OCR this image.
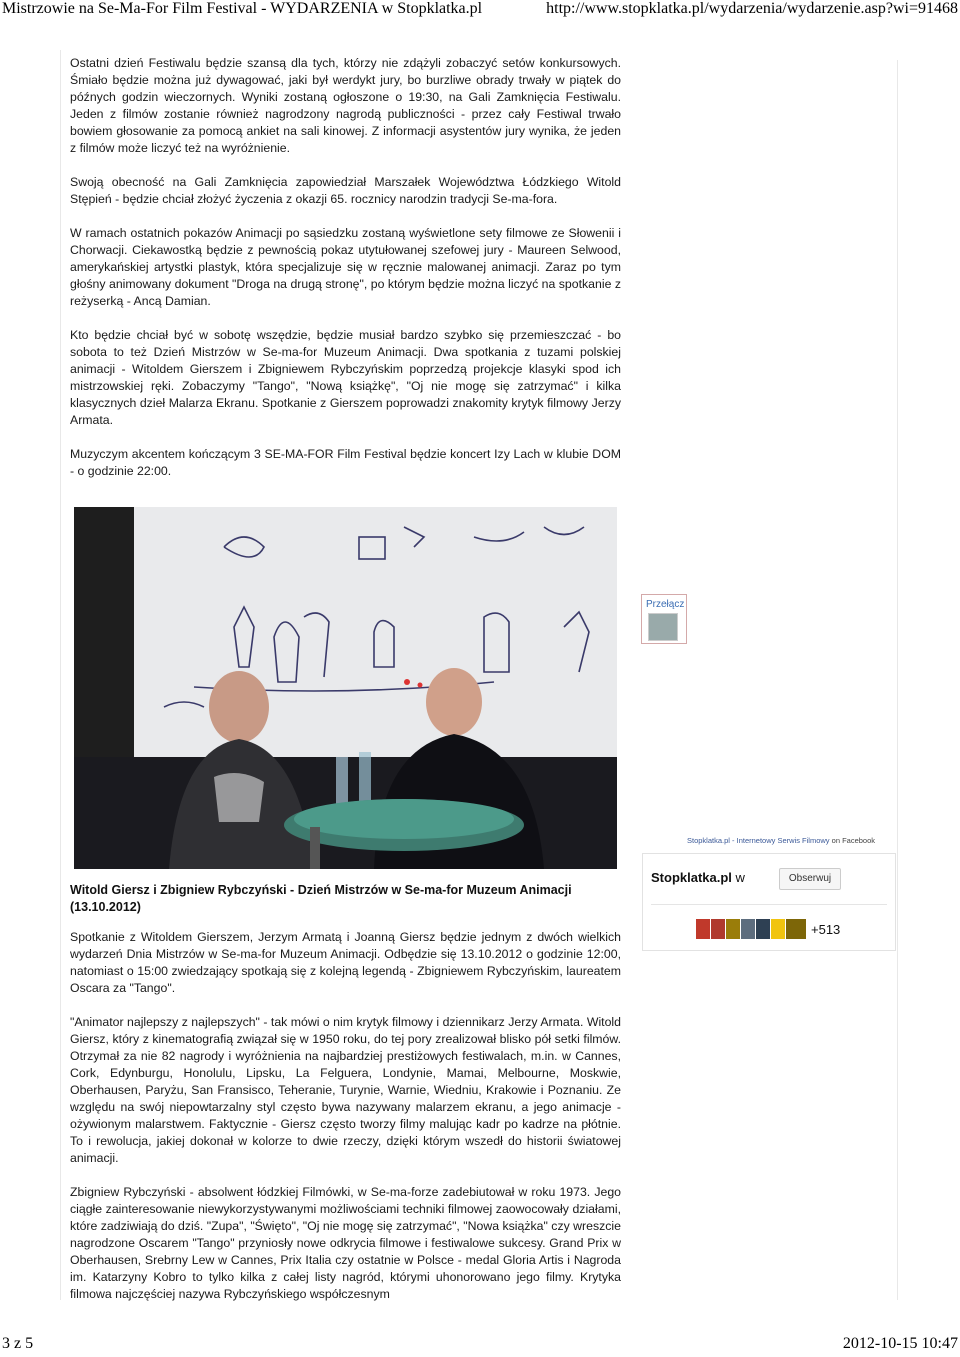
Mistrzowie na Se-Ma-For Film Festival - WYDARZENIA w Stopklatka.pl	http://www.stopklatka.pl/wydarzenia/wydarzenie.asp?wi=91468

Ostatni dzień Festiwalu będzie szansą dla tych, którzy nie zdążyli zobaczyć setów konkursowych. Śmiało będzie można już dywagować, jaki był werdykt jury, bo burzliwe obrady trwały w piątek do późnych godzin wieczornych. Wyniki zostaną ogłoszone o 19:30, na Gali Zamknięcia Festiwalu. Jeden z filmów zostanie również nagrodzony nagrodą publiczności - przez cały Festiwal trwało bowiem głosowanie za pomocą ankiet na sali kinowej. Z informacji asystentów jury wynika, że jeden z filmów może liczyć też na wyróżnienie.

Swoją obecność na Gali Zamknięcia zapowiedział Marszałek Województwa Łódzkiego Witold Stępień - będzie chciał złożyć życzenia z okazji 65. rocznicy narodzin tradycji Se-ma-fora.

W ramach ostatnich pokazów Animacji po sąsiedzku zostaną wyświetlone sety filmowe ze Słowenii i Chorwacji. Ciekawostką będzie z pewnością pokaz utytułowanej szefowej jury - Maureen Selwood, amerykańskiej artystki plastyk, która specjalizuje się w ręcznie malowanej animacji. Zaraz po tym głośny animowany dokument "Droga na drugą stronę", po którym będzie można liczyć na spotkanie z reżyserką - Ancą Damian.

Kto będzie chciał być w sobotę wszędzie, będzie musiał bardzo szybko się przemieszczać - bo sobota to też Dzień Mistrzów w Se-ma-for Muzeum Animacji. Dwa spotkania z tuzami polskiej animacji - Witoldem Gierszem i Zbigniewem Rybczyńskim poprzedzą projekcje klasyki spod ich mistrzowskiej ręki. Zobaczymy "Tango", "Nową książkę", "Oj nie mogę się zatrzymać" i kilka klasycznych dzieł Malarza Ekranu. Spotkanie z Gierszem poprowadzi znakomity krytyk filmowy Jerzy Armata.

Muzyczym akcentem kończącym 3 SE-MA-FOR Film Festival będzie koncert Izy Lach w klubie DOM - o godzinie 22:00.

Witold Giersz i Zbigniew Rybczyński - Dzień Mistrzów w Se-ma-for Muzeum Animacji (13.10.2012)

Spotkanie z Witoldem Gierszem, Jerzym Armatą i Joanną Giersz będzie jednym z dwóch wielkich wydarzeń Dnia Mistrzów w Se-ma-for Muzeum Animacji. Odbędzie się 13.10.2012 o godzinie 12:00, natomiast o 15:00 zwiedzający spotkają się z kolejną legendą - Zbigniewem Rybczyńskim, laureatem Oscara za "Tango".

"Animator najlepszy z najlepszych" - tak mówi o nim krytyk filmowy i dziennikarz Jerzy Armata. Witold Giersz, który z kinematografią związał się w 1950 roku, do tej pory zrealizował blisko pół setki filmów. Otrzymał za nie 82 nagrody i wyróżnienia na najbardziej prestiżowych festiwalach, m.in. w Cannes, Cork, Edynburgu, Honolulu, Lipsku, La Felguera, Londynie, Mamai, Melbourne, Moskwie, Oberhausen, Paryżu, San Fransisco, Teheranie, Turynie, Warnie, Wiedniu, Krakowie i Poznaniu. Ze względu na swój niepowtarzalny styl często bywa nazywany malarzem ekranu, a jego animacje - ożywionym malarstwem. Faktycznie - Giersz często tworzy filmy malując kadr po kadrze na płótnie. To i rewolucja, jakiej dokonał w kolorze to dwie rzeczy, dzięki którym wszedł do historii światowej animacji.

Zbigniew Rybczyński - absolwent łódzkiej Filmówki, w Se-ma-forze zadebiutował w roku 1973. Jego ciągłe zainteresowanie niewykorzystywanymi możliwościami techniki filmowej zaowocowały działami, które zadziwiają do dziś. "Zupa", "Święto", "Oj nie mogę się zatrzymać", "Nowa książka" czy wreszcie nagrodzone Oscarem "Tango" przyniosły nowe odkrycia filmowe i festiwalowe sukcesy. Grand Prix w Oberhausen, Srebrny Lew w Cannes, Prix Italia czy ostatnie w Polsce - medal Gloria Artis i Nagroda im. Katarzyny Kobro to tylko kilka z całej listy nagród, którymi uhonorowano jego filmy. Krytyka filmowa najczęściej nazywa Rybczyńskiego współczesnym

Przełącz
Stopklatka.pl - Internetowy Serwis Filmowy on Facebook
Stopklatka.pl w	Obserwuj
+513
3 z 5	2012-10-15 10:47
